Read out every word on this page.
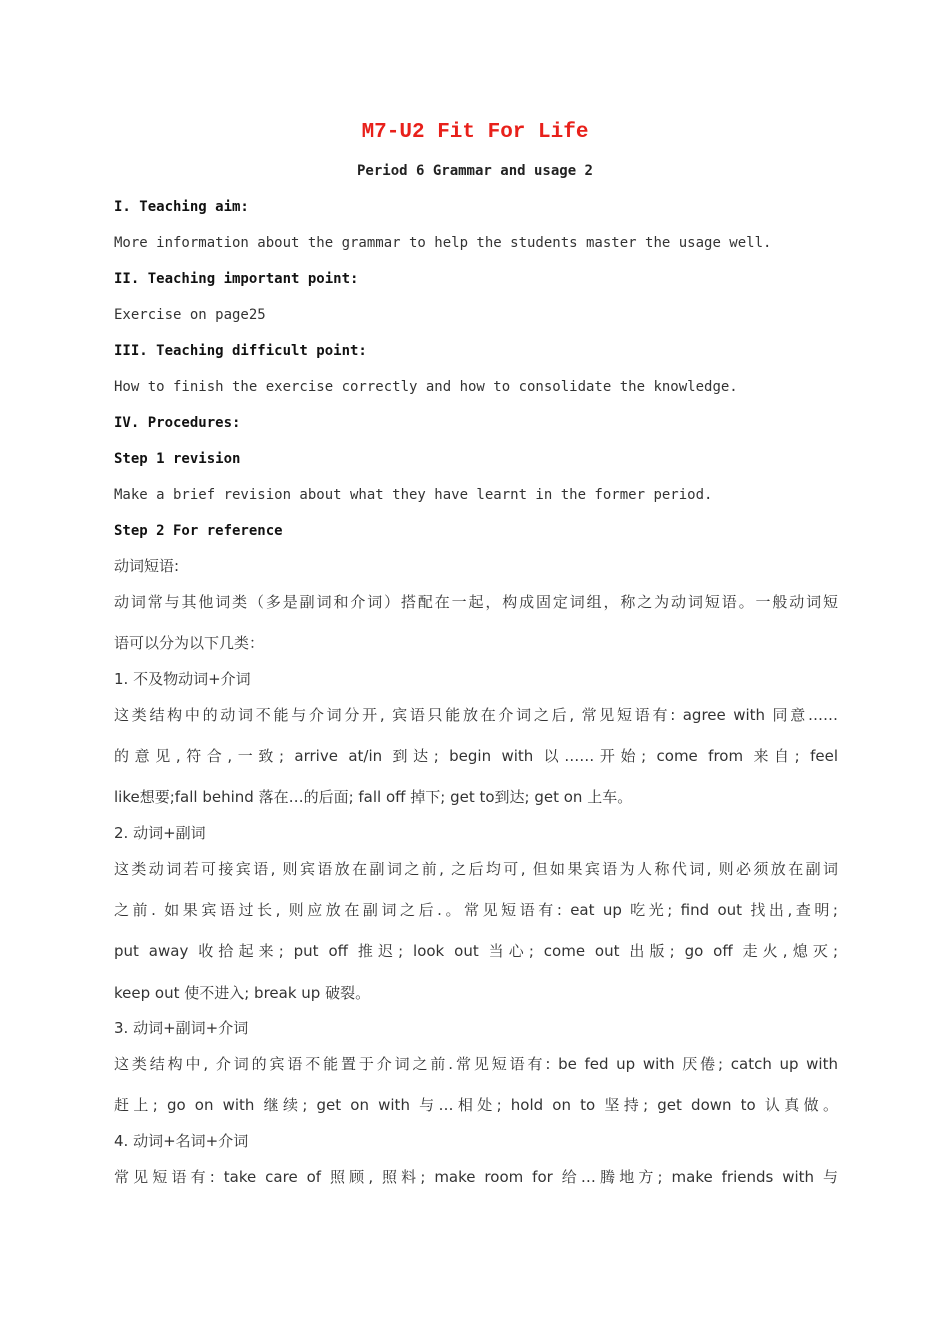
M7-U2 Fit For Life
Period 6 Grammar and usage 2
I. Teaching aim:
More information about the grammar to help the students master the usage well.
II. Teaching important point:
Exercise on page25
III. Teaching difficult point:
How to finish the exercise correctly and how to consolidate the knowledge.
IV. Procedures:
Step 1 revision
Make a brief revision about what they have learnt in the former period.
Step 2 For reference
动词短语:
动词常与其他词类（多是副词和介词）搭配在一起，构成固定词组，称之为动词短语。一般动词短
语可以分为以下几类：
1. 不及物动词+介词
这类结构中的动词不能与介词分开, 宾语只能放在介词之后, 常见短语有: agree with 同意……
的意见,符合,一致; arrive at/in 到达; begin with 以……开始; come from 来自; feel
like想要;fall behind 落在…的后面; fall off 掉下; get to到达; get on 上车。
2. 动词+副词
这类动词若可接宾语, 则宾语放在副词之前, 之后均可, 但如果宾语为人称代词, 则必须放在副词
之前. 如果宾语过长, 则应放在副词之后.。常见短语有: eat up 吃光; find out 找出,查明;
put away 收拾起来; put off 推迟; look out 当心; come out 出版; go off 走火,熄灭;
keep out 使不进入; break up 破裂。
3. 动词+副词+介词
这类结构中, 介词的宾语不能置于介词之前.常见短语有: be fed up with 厌倦; catch up with
赶上; go on with 继续; get on with 与…相处; hold on to 坚持; get down to 认真做。
4. 动词+名词+介词
常见短语有: take care of 照顾, 照料; make room for 给…腾地方; make friends with 与
